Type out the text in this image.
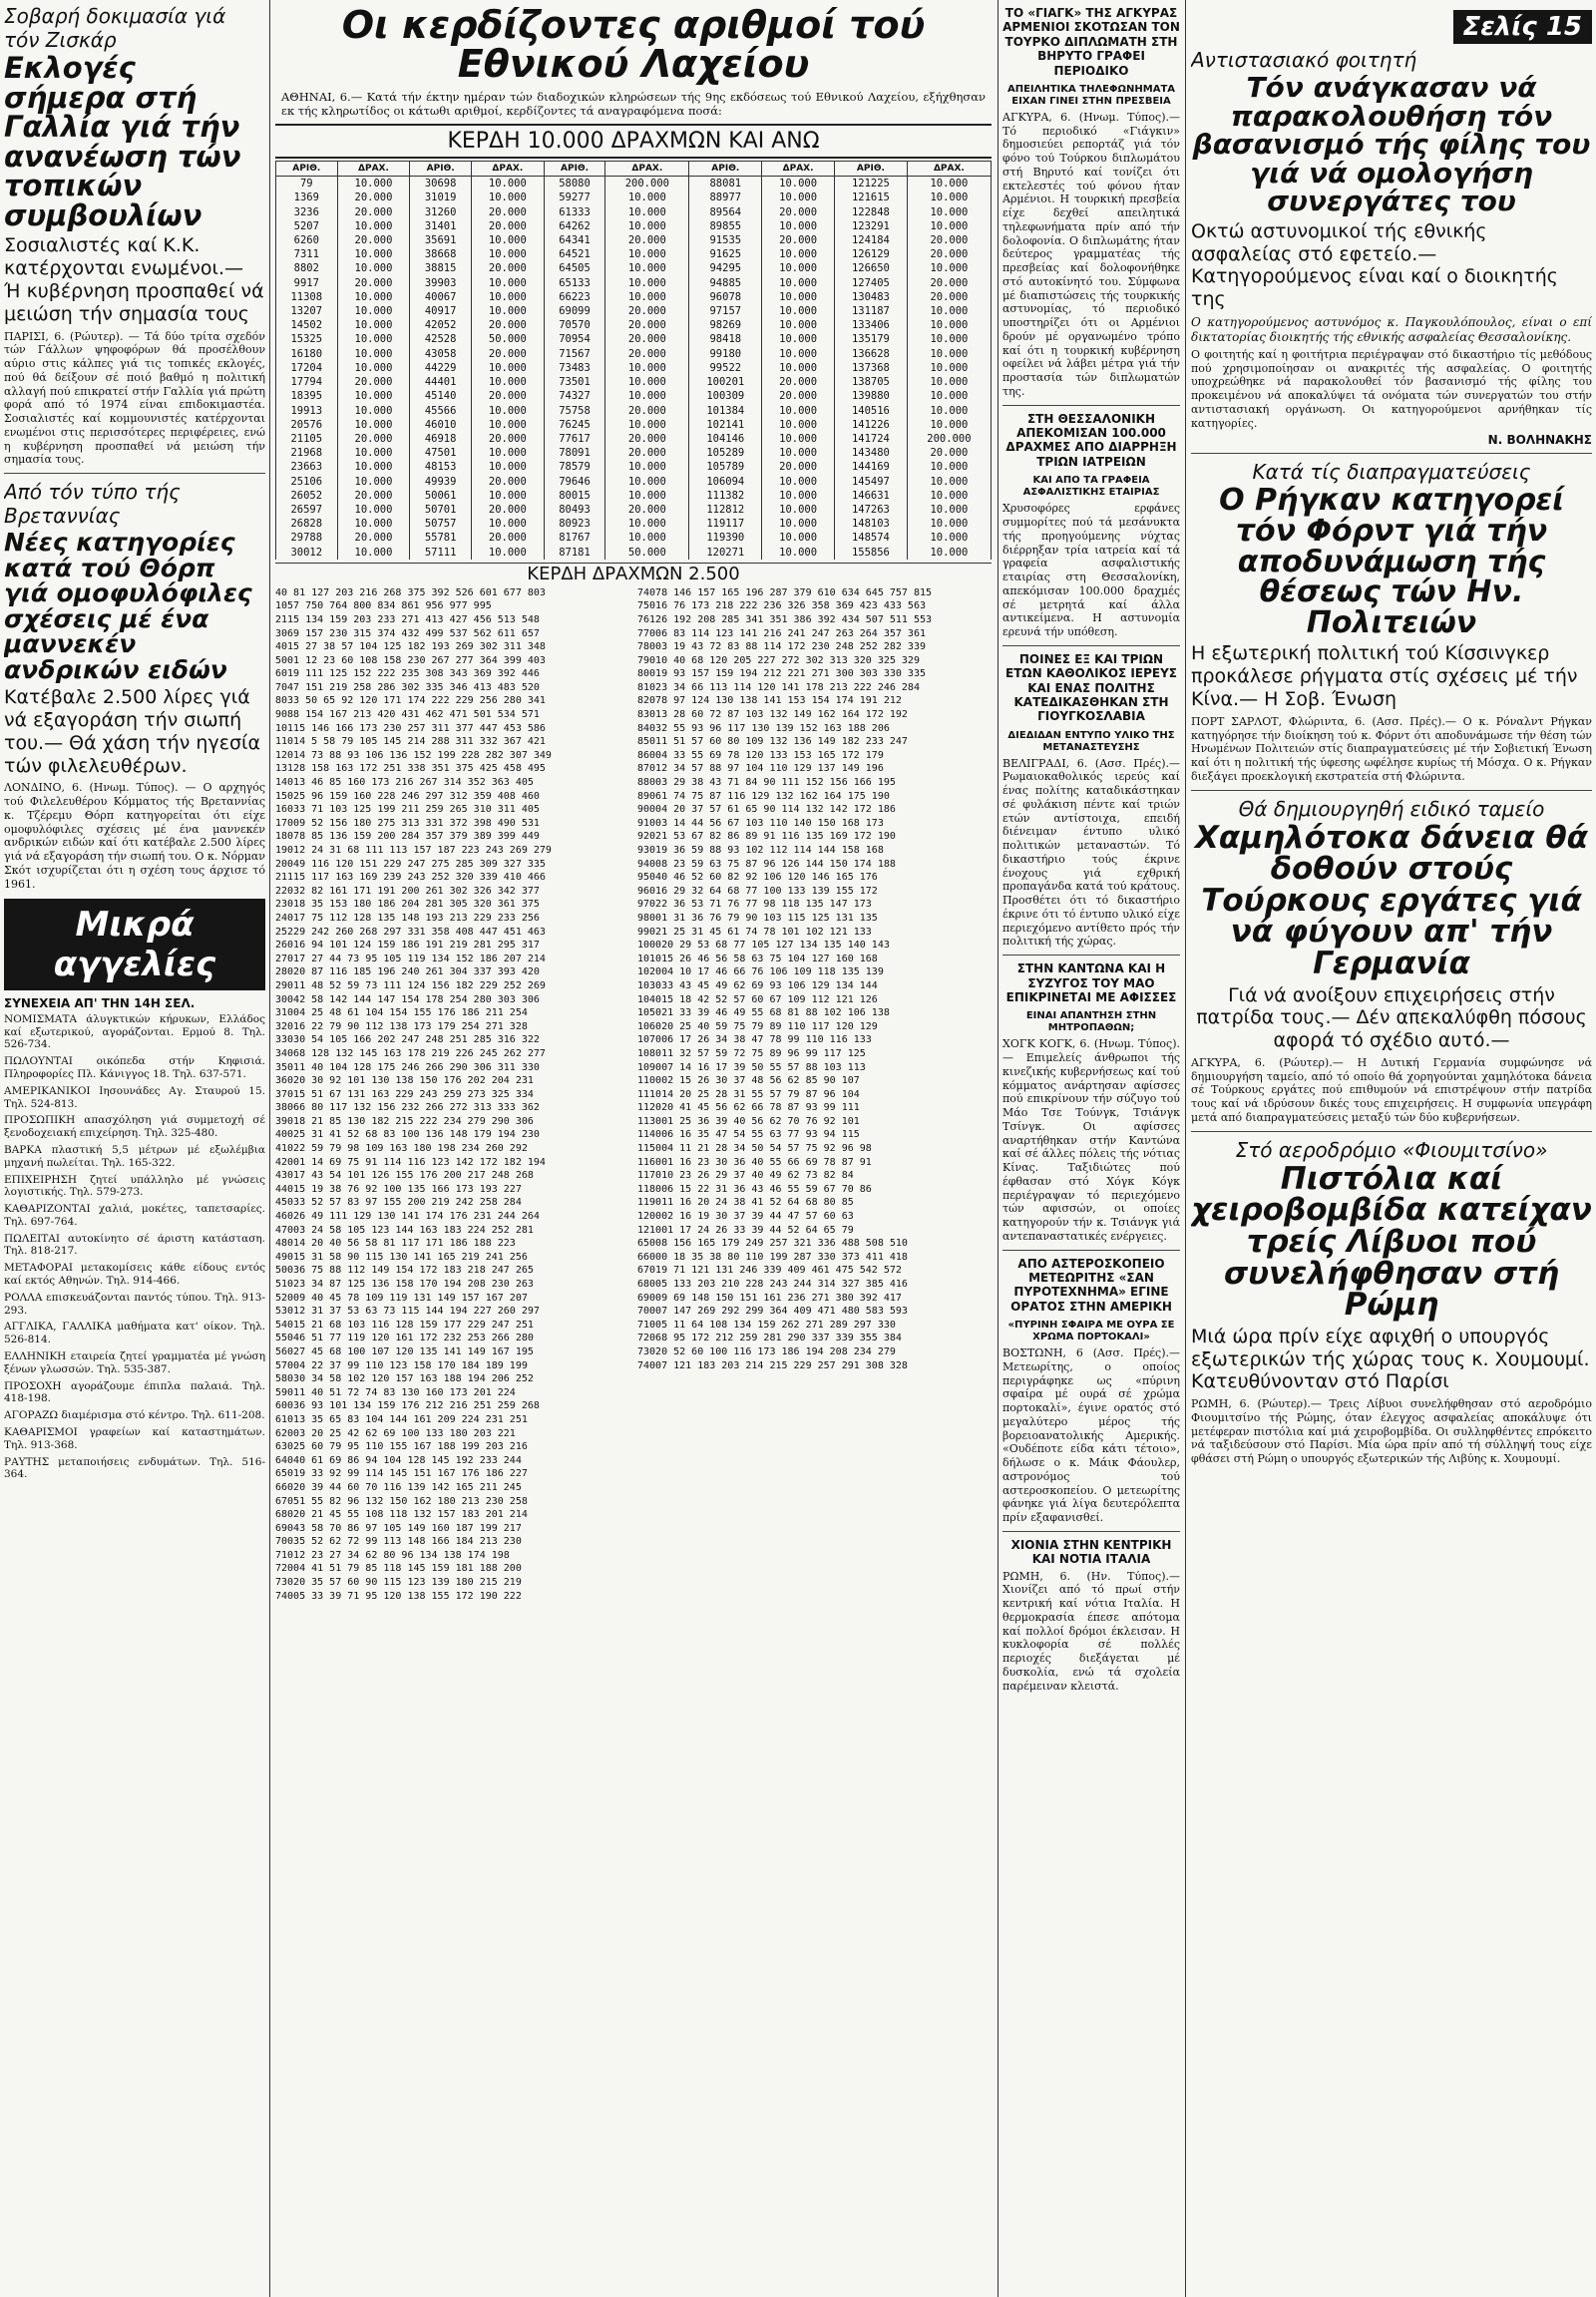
Σοβαρή δοκιμασία γιά τόν Ζισκάρ

Εκλογές σήμερα στή Γαλλία γιά τήν ανανέωση τών τοπικών συμβουλίων

Σοσιαλιστές καί Κ.Κ. κατέρχονται ενωμένοι.— Ή κυβέρνηση προσπαθεί νά μειώση τήν σημασία τους

ΠΑΡΙΣΙ, 6. (Ρώυτερ). — Τά δύο τρίτα σχεδόν τών Γάλλων ψηφοφόρων θά προσέλθουν αύριο στις κάλπες γιά τις τοπικές εκλογές, πού θά δείξουν σέ ποιό βαθμό η πολιτική αλλαγή πού επικρατεί στήν Γαλλία γιά πρώτη φορά από τό 1974 είναι επιδοκιμαστέα. Σοσιαλιστές καί κομμουνιστές κατέρχονται ενωμένοι στις περισσότερες περιφέρειες, ενώ η κυβέρνηση προσπαθεί νά μειώση τήν σημασία τους.

Από τόν τύπο τής Βρεταννίας

Νέες κατηγορίες κατά τού Θόρπ γιά ομοφυλόφιλες σχέσεις μέ ένα μαννεκέν ανδρικών ειδών

Κατέβαλε 2.500 λίρες γιά νά εξαγοράση τήν σιωπή του.— Θά χάση τήν ηγεσία τών φιλελευθέρων.

ΛΟΝΔΙΝΟ, 6. (Ηνωμ. Τύπος). — Ο αρχηγός τού Φιλελευθέρου Κόμματος τής Βρεταννίας κ. Τζέρεμυ Θόρπ κατηγορείται ότι είχε ομοφυλόφιλες σχέσεις μέ ένα μαννεκέν ανδρικών ειδών καί ότι κατέβαλε 2.500 λίρες γιά νά εξαγοράση τήν σιωπή του. Ο κ. Νόρμαν Σκότ ισχυρίζεται ότι η σχέση τους άρχισε τό 1961.

Μικρά αγγελίες

ΣΥΝΕΧΕΙΑ ΑΠ' ΤΗΝ 14Η ΣΕΛ.

ΝΟΜΙΣΜΑΤΑ άλυγκτικών κήρυκων, Ελλάδος καί εξωτερικού, αγοράζονται. Ερμού 8. Τηλ. 526-734.

ΠΩΛΟΥΝΤΑΙ οικόπεδα στήν Κηφισιά. Πληροφορίες Πλ. Κάνιγγος 18. Τηλ. 637-571.

ΑΜΕΡΙΚΑΝΙΚΟΙ Ιησουνάδες Αγ. Σταυρού 15. Τηλ. 524-813.

ΠΡΟΣΩΠΙΚΗ απασχόληση γιά συμμετοχή σέ ξενοδοχειακή επιχείρηση. Τηλ. 325-480.

ΒΑΡΚΑ πλαστική 5,5 μέτρων μέ εξωλέμβια μηχανή πωλείται. Τηλ. 165-322.

ΕΠΙΧΕΙΡΗΣΗ ζητεί υπάλληλο μέ γνώσεις λογιστικής. Τηλ. 579-273.

ΚΑΘΑΡΙΖΟΝΤΑΙ χαλιά, μοκέτες, ταπετσαρίες. Τηλ. 697-764.

ΠΩΛΕΙΤΑΙ αυτοκίνητο σέ άριστη κατάσταση. Τηλ. 818-217.

ΜΕΤΑΦΟΡΑΙ μετακομίσεις κάθε είδους εντός καί εκτός Αθηνών. Τηλ. 914-466.

ΡΟΛΛΑ επισκευάζονται παντός τύπου. Τηλ. 913-293.

ΑΓΓΛΙΚΑ, ΓΑΛΛΙΚΑ μαθήματα κατ' οίκον. Τηλ. 526-814.

ΕΛΛΗΝΙΚΗ εταιρεία ζητεί γραμματέα μέ γνώση ξένων γλωσσών. Τηλ. 535-387.

ΠΡΟΣΟΧΗ αγοράζουμε έπιπλα παλαιά. Τηλ. 418-198.

ΑΓΟΡΑΖΩ διαμέρισμα στό κέντρο. Τηλ. 611-208.

ΚΑΘΑΡΙΣΜΟΙ γραφείων καί καταστημάτων. Τηλ. 913-368.

ΡΑΥΤΗΣ μεταποιήσεις ενδυμάτων. Τηλ. 516-364.

Οι κερδίζοντες αριθμοί τού Εθνικού Λαχείου

ΑΘΗΝΑΙ, 6.— Κατά τήν έκτην ημέραν τών διαδοχικών κληρώσεων τής 9ης εκδόσεως τού Εθνικού Λαχείου, εξήχθησαν εκ τής κληρωτίδος οι κάτωθι αριθμοί, κερδίζοντες τά αναγραφόμενα ποσά:

ΚΕΡΔΗ 10.000 ΔΡΑΧΜΩΝ ΚΑΙ ΑΝΩ
ΑΡΙΘ.	ΔΡΑΧ.	ΑΡΙΘ.	ΔΡΑΧ.	ΑΡΙΘ.	ΔΡΑΧ.	ΑΡΙΘ.	ΔΡΑΧ.	ΑΡΙΘ.	ΔΡΑΧ.
79	10.000	30698	10.000	58080	200.000	88081	10.000	121225	10.000
1369	20.000	31019	10.000	59277	10.000	88977	10.000	121615	10.000
3236	20.000	31260	20.000	61333	10.000	89564	20.000	122848	10.000
5207	10.000	31401	20.000	64262	10.000	89855	10.000	123291	10.000
6260	20.000	35691	10.000	64341	20.000	91535	20.000	124184	20.000
7311	10.000	38668	10.000	64521	10.000	91625	10.000	126129	20.000
8802	10.000	38815	20.000	64505	10.000	94295	10.000	126650	10.000
9917	20.000	39903	10.000	65133	10.000	94885	10.000	127405	20.000
11308	10.000	40067	10.000	66223	10.000	96078	10.000	130483	20.000
13207	10.000	40917	10.000	69099	20.000	97157	10.000	131187	10.000
14502	10.000	42052	20.000	70570	20.000	98269	10.000	133406	10.000
15325	10.000	42528	50.000	70954	20.000	98418	10.000	135179	10.000
16180	10.000	43058	20.000	71567	20.000	99180	10.000	136628	10.000
17204	10.000	44229	10.000	73483	10.000	99522	10.000	137368	10.000
17794	20.000	44401	10.000	73501	10.000	100201	20.000	138705	10.000
18395	10.000	45140	20.000	74327	10.000	100309	20.000	139880	10.000
19913	10.000	45566	10.000	75758	20.000	101384	10.000	140516	10.000
20576	10.000	46010	10.000	76245	10.000	102141	10.000	141226	10.000
21105	20.000	46918	20.000	77617	20.000	104146	10.000	141724	200.000
21968	10.000	47501	10.000	78091	20.000	105289	10.000	143480	20.000
23663	10.000	48153	10.000	78579	10.000	105789	20.000	144169	10.000
25106	10.000	49939	20.000	79646	10.000	106094	10.000	145497	10.000
26052	20.000	50061	10.000	80015	10.000	111382	10.000	146631	10.000
26597	10.000	50701	20.000	80493	20.000	112812	10.000	147263	10.000
26828	10.000	50757	10.000	80923	10.000	119117	10.000	148103	10.000
29788	20.000	55781	20.000	81767	10.000	119390	10.000	148574	10.000
30012	10.000	57111	10.000	87181	50.000	120271	10.000	155856	10.000
ΚΕΡΔΗ ΔΡΑΧΜΩΝ 2.500
40 81 127 203 216 268 375 392 526 601 677 803
1057 750 764 800 834 861 956 977 995
2115 134 159 203 233 271 413 427 456 513 548
3069 157 230 315 374 432 499 537 562 611 657
4015 27 38 57 104 125 182 193 269 302 311 348
5001 12 23 60 108 158 230 267 277 364 399 403
6019 111 125 152 222 235 308 343 369 392 446
7047 151 219 258 286 302 335 346 413 483 520
8033 50 65 92 120 171 174 222 229 256 280 341
9088 154 167 213 420 431 462 471 501 534 571
10115 146 166 173 230 257 311 377 447 453 586
11014 5 58 79 105 145 214 288 311 332 367 421
12014 73 88 93 106 136 152 199 228 282 307 349
13128 158 163 172 251 338 351 375 425 458 495
14013 46 85 160 173 216 267 314 352 363 405
15025 96 159 160 228 246 297 312 359 408 460
16033 71 103 125 199 211 259 265 310 311 405
17009 52 156 180 275 313 331 372 398 490 531
18078 85 136 159 200 284 357 379 389 399 449
19012 24 31 68 111 113 157 187 223 243 269 279
20049 116 120 151 229 247 275 285 309 327 335
21115 117 163 169 239 243 252 320 339 410 466
22032 82 161 171 191 200 261 302 326 342 377
23018 35 153 180 186 204 281 305 320 361 375
24017 75 112 128 135 148 193 213 229 233 256
25229 242 260 268 297 331 358 408 447 451 463
26016 94 101 124 159 186 191 219 281 295 317
27017 27 44 73 95 105 119 134 152 186 207 214
28020 87 116 185 196 240 261 304 337 393 420
29011 48 52 59 73 111 124 156 182 229 252 269
30042 58 142 144 147 154 178 254 280 303 306
31004 25 48 61 104 154 155 176 186 211 254
32016 22 79 90 112 138 173 179 254 271 328
33030 54 105 166 202 247 248 251 285 316 322
34068 128 132 145 163 178 219 226 245 262 277
35011 40 104 128 175 246 266 290 306 311 330
36020 30 92 101 130 138 150 176 202 204 231
37015 51 67 131 163 229 243 259 273 325 334
38066 80 117 132 156 232 266 272 313 333 362
39018 21 85 130 182 215 222 234 279 290 306
40025 31 41 52 68 83 100 136 148 179 194 230
41022 59 79 98 109 163 180 198 234 260 292
42001 14 69 75 91 114 116 123 142 172 182 194
43017 43 54 101 126 155 176 200 217 248 268
44015 19 38 76 92 100 135 166 173 193 227
45033 52 57 83 97 155 200 219 242 258 284
46026 49 111 129 130 141 174 176 231 244 264
47003 24 58 105 123 144 163 183 224 252 281
48014 20 40 56 58 81 117 171 186 188 223
49015 31 58 90 115 130 141 165 219 241 256
50036 75 88 112 149 154 172 183 218 247 265
51023 34 87 125 136 158 170 194 208 230 263
52009 40 45 78 109 119 131 149 157 167 207
53012 31 37 53 63 73 115 144 194 227 260 297
54015 21 68 103 116 128 159 177 229 247 251
55046 51 77 119 120 161 172 232 253 266 280
56027 45 68 100 107 120 135 141 149 167 195
57004 22 37 99 110 123 158 170 184 189 199
58030 34 58 102 120 157 163 188 194 206 252
59011 40 51 72 74 83 130 160 173 201 224
60036 93 101 134 159 176 212 216 251 259 268
61013 35 65 83 104 144 161 209 224 231 251
62003 20 25 42 62 69 100 133 180 203 221
63025 60 79 95 110 155 167 188 199 203 216
64040 61 69 86 94 104 128 145 192 233 244
65019 33 92 99 114 145 151 167 176 186 227
66020 39 44 60 70 116 139 142 165 211 245
67051 55 82 96 132 150 162 180 213 230 258
68020 21 45 55 108 118 132 157 183 201 214
69043 58 70 86 97 105 149 160 187 199 217
70035 52 62 72 99 113 148 166 184 213 230
71012 23 27 34 62 80 96 134 138 174 198
72004 41 51 79 85 118 145 159 181 188 200
73020 35 57 60 90 115 123 139 180 215 219
74005 33 39 71 95 120 138 155 172 190 222
74078 146 157 165 196 287 379 610 634 645 757 815
75016 76 173 218 222 236 326 358 369 423 433 563
76126 192 208 285 341 351 386 392 434 507 511 553
77006 83 114 123 141 216 241 247 263 264 357 361
78003 19 43 72 83 88 114 172 230 248 252 282 339
79010 40 68 120 205 227 272 302 313 320 325 329
80019 93 157 159 194 212 221 271 300 303 330 335
81023 34 66 113 114 120 141 178 213 222 246 284
82078 97 124 130 138 141 153 154 174 191 212
83013 28 60 72 87 103 132 149 162 164 172 192
84032 55 93 96 117 130 139 152 163 188 206
85011 51 57 60 80 109 132 136 149 182 233 247
86004 33 55 69 78 120 133 153 165 172 179
87012 34 57 88 97 104 110 129 137 149 196
88003 29 38 43 71 84 90 111 152 156 166 195
89061 74 75 87 116 129 132 162 164 175 190
90004 20 37 57 61 65 90 114 132 142 172 186
91003 14 44 56 67 103 110 140 150 168 173
92021 53 67 82 86 89 91 116 135 169 172 190
93019 36 59 88 93 102 112 114 144 158 168
94008 23 59 63 75 87 96 126 144 150 174 188
95040 46 52 60 82 92 106 120 146 165 176
96016 29 32 64 68 77 100 133 139 155 172
97022 36 53 71 76 77 98 118 135 147 173
98001 31 36 76 79 90 103 115 125 131 135
99021 25 31 45 61 74 78 101 102 121 133
100020 29 53 68 77 105 127 134 135 140 143
101015 26 46 56 58 63 75 104 127 160 168
102004 10 17 46 66 76 106 109 118 135 139
103033 43 45 49 62 69 93 106 129 134 144
104015 18 42 52 57 60 67 109 112 121 126
105021 33 39 46 49 55 68 81 88 102 106 138
106020 25 40 59 75 79 89 110 117 120 129
107006 17 26 34 38 47 78 99 110 116 133
108011 32 57 59 72 75 89 96 99 117 125
109007 14 16 17 39 50 55 57 88 103 113
110002 15 26 30 37 48 56 62 85 90 107
111014 20 25 28 31 55 57 79 87 96 104
112020 41 45 56 62 66 78 87 93 99 111
113001 25 36 39 40 56 62 70 76 92 101
114006 16 35 47 54 55 63 77 93 94 115
115004 11 21 28 34 50 54 57 75 92 96 98
116001 16 23 30 36 40 55 66 69 78 87 91
117010 23 26 29 37 40 49 62 73 82 84
118006 15 22 31 36 43 46 55 59 67 70 86
119011 16 20 24 38 41 52 64 68 80 85
120002 16 19 30 37 39 44 47 57 60 63
121001 17 24 26 33 39 44 52 64 65 79
65008 156 165 179 249 257 321 336 488 508 510
66000 18 35 38 80 110 199 287 330 373 411 418
67019 71 121 131 246 339 409 461 475 542 572
68005 133 203 210 228 243 244 314 327 385 416
69009 69 148 150 151 161 236 271 380 392 417
70007 147 269 292 299 364 409 471 480 583 593
71005 11 64 108 134 159 262 271 289 297 330
72068 95 172 212 259 281 290 337 339 355 384
73020 52 60 100 116 173 186 194 208 234 279
74007 121 183 203 214 215 229 257 291 308 328

ΤΟ «ΓΙΑΓΚ» ΤΗΣ ΑΓΚΥΡΑΣ ΑΡΜΕΝΙΟΙ ΣΚΟΤΩΣΑΝ ΤΟΝ ΤΟΥΡΚΟ ΔΙΠΛΩΜΑΤΗ ΣΤΗ ΒΗΡΥΤΟ ΓΡΑΦΕΙ ΠΕΡΙΟΔΙΚΟ

ΑΠΕΙΛΗΤΙΚΑ ΤΗΛΕΦΩΝΗΜΑΤΑ ΕΙΧΑΝ ΓΙΝΕΙ ΣΤΗΝ ΠΡΕΣΒΕΙΑ

ΑΓΚΥΡΑ, 6. (Ηνωμ. Τύπος).— Τό περιοδικό «Γιάγκιν» δημοσιεύει ρεπορτάζ γιά τόν φόνο τού Τούρκου διπλωμάτου στή Βηρυτό καί τονίζει ότι εκτελεστές τού φόνου ήταν Αρμένιοι. Η τουρκική πρεσβεία είχε δεχθεί απειλητικά τηλεφωνήματα πρίν από τήν δολοφονία. Ο διπλωμάτης ήταν δεύτερος γραμματέας τής πρεσβείας καί δολοφονήθηκε στό αυτοκίνητό του. Σύμφωνα μέ διαπιστώσεις τής τουρκικής αστυνομίας, τό περιοδικό υποστηρίζει ότι οι Αρμένιοι δρούν μέ οργανωμένο τρόπο καί ότι η τουρκική κυβέρνηση οφείλει νά λάβει μέτρα γιά τήν προστασία τών διπλωματών της.

ΣΤΗ ΘΕΣΣΑΛΟΝΙΚΗ ΑΠΕΚΟΜΙΣΑΝ 100.000 ΔΡΑΧΜΕΣ ΑΠΟ ΔΙΑΡΡΗΞΗ ΤΡΙΩΝ ΙΑΤΡΕΙΩΝ

ΚΑΙ ΑΠΟ ΤΑ ΓΡΑΦΕΙΑ ΑΣΦΑΛΙΣΤΙΚΗΣ ΕΤΑΙΡΙΑΣ

Χρυσοφόρες ερφάνες συμμορίτες πού τά μεσάνυκτα τής προηγούμενης νύχτας διέρρηξαν τρία ιατρεία καί τά γραφεία ασφαλιστικής εταιρίας στη Θεσσαλονίκη, απεκόμισαν 100.000 δραχμές σέ μετρητά καί άλλα αντικείμενα. Η αστυνομία ερευνά τήν υπόθεση.

ΠΟΙΝΕΣ ΕΞ ΚΑΙ ΤΡΙΩΝ ΕΤΩΝ ΚΑΘΟΛΙΚΟΣ ΙΕΡΕΥΣ ΚΑΙ ΕΝΑΣ ΠΟΛΙΤΗΣ ΚΑΤΕΔΙΚΑΣΘΗΚΑΝ ΣΤΗ ΓΙΟΥΓΚΟΣΛΑΒΙΑ

ΔΙΕΔΙΔΑΝ ΕΝΤΥΠΟ ΥΛΙΚΟ ΤΗΣ ΜΕΤΑΝΑΣΤΕΥΣΗΣ

ΒΕΛΙΓΡΑΔΙ, 6. (Ασσ. Πρές).— Ρωμαιοκαθολικός ιερεύς καί ένας πολίτης καταδικάστηκαν σέ φυλάκιση πέντε καί τριών ετών αντίστοιχα, επειδή διένειμαν έντυπο υλικό πολιτικών μεταναστών. Τό δικαστήριο τούς έκρινε ένοχους γιά εχθρική προπαγάνδα κατά τού κράτους. Προσθέτει ότι τό δικαστήριο έκρινε ότι τό έντυπο υλικό είχε περιεχόμενο αντίθετο πρός τήν πολιτική τής χώρας.

ΣΤΗΝ ΚΑΝΤΩΝΑ ΚΑΙ Η ΣΥΖΥΓΟΣ ΤΟΥ ΜΑΟ ΕΠΙΚΡΙΝΕΤΑΙ ΜΕ ΑΦΙΣΣΕΣ

ΕΙΝΑΙ ΑΠΑΝΤΗΣΗ ΣΤΗΝ ΜΗΤΡΟΠΑΘΩΝ;

ΧΟΓΚ ΚΟΓΚ, 6. (Ηνωμ. Τύπος).— Επιμελείς άνθρωποι τής κινεζικής κυβερνήσεως καί τού κόμματος ανάρτησαν αφίσσες πού επικρίνουν τήν σύζυγο τού Μάο Τσε Τούνγκ, Τσιάνγκ Τσίνγκ. Οι αφίσσες αναρτήθηκαν στήν Καντώνα καί σέ άλλες πόλεις τής νότιας Κίνας. Ταξιδιώτες πού έφθασαν στό Χόγκ Κόγκ περιέγραψαν τό περιεχόμενο τών αφισσών, οι οποίες κατηγορούν τήν κ. Τσιάνγκ γιά αντεπαναστατικές ενέργειες.

ΑΠΟ ΑΣΤΕΡΟΣΚΟΠΕΙΟ ΜΕΤΕΩΡΙΤΗΣ «ΣΑΝ ΠΥΡΟΤΕΧΝΗΜΑ» ΕΓΙΝΕ ΟΡΑΤΟΣ ΣΤΗΝ ΑΜΕΡΙΚΗ

«ΠΥΡΙΝΗ ΣΦΑΙΡΑ ΜΕ ΟΥΡΑ ΣΕ ΧΡΩΜΑ ΠΟΡΤΟΚΑΛΙ»

ΒΟΣΤΩΝΗ, 6 (Ασσ. Πρές).— Μετεωρίτης, ο οποίος περιγράφηκε ως «πύρινη σφαίρα μέ ουρά σέ χρώμα πορτοκαλί», έγινε ορατός στό μεγαλύτερο μέρος τής βορειοανατολικής Αμερικής. «Ουδέποτε είδα κάτι τέτοιο», δήλωσε ο κ. Μάικ Φάουλερ, αστρονόμος τού αστεροσκοπείου. Ο μετεωρίτης φάνηκε γιά λίγα δευτερόλεπτα πρίν εξαφανισθεί.

ΧΙΟΝΙΑ ΣΤΗΝ ΚΕΝΤΡΙΚΗ ΚΑΙ ΝΟΤΙΑ ΙΤΑΛΙΑ

ΡΩΜΗ, 6. (Ην. Τύπος).— Χιονίζει από τό πρωί στήν κεντρική καί νότια Ιταλία. Η θερμοκρασία έπεσε απότομα καί πολλοί δρόμοι έκλεισαν. Η κυκλοφορία σέ πολλές περιοχές διεξάγεται μέ δυσκολία, ενώ τά σχολεία παρέμειναν κλειστά.

Σελίς 15

Αντιστασιακό φοιτητή

Τόν ανάγκασαν νά παρακολουθήση τόν βασανισμό τής φίλης του γιά νά ομολογήση συνεργάτες του

Οκτώ αστυνομικοί τής εθνικής ασφαλείας στό εφετείο.— Κατηγορούμενος είναι καί ο διοικητής της

Ο κατηγορούμενος αστυνόμος κ. Παγκουλόπουλος, είναι ο επί δικτατορίας διοικητής τής εθνικής ασφαλείας Θεσσαλονίκης.

Ο φοιτητής καί η φοιτήτρια περιέγραψαν στό δικαστήριο τίς μεθόδους πού χρησιμοποίησαν οι ανακριτές τής ασφαλείας. Ο φοιτητής υποχρεώθηκε νά παρακολουθεί τόν βασανισμό τής φίλης του προκειμένου νά αποκαλύψει τά ονόματα τών συνεργατών του στήν αντιστασιακή οργάνωση. Οι κατηγορούμενοι αρνήθηκαν τίς κατηγορίες.

Ν. ΒΟΛΗΝΑΚΗΣ

Κατά τίς διαπραγματεύσεις

Ο Ρήγκαν κατηγορεί τόν Φόρντ γιά τήν αποδυνάμωση τής θέσεως τών Ην. Πολιτειών

Η εξωτερική πολιτική τού Κίσσινγκερ προκάλεσε ρήγματα στίς σχέσεις μέ τήν Κίνα.— Η Σοβ. Ένωση

ΠΟΡΤ ΣΑΡΛΟΤ, Φλώριντα, 6. (Ασσ. Πρές).— Ο κ. Ρόναλντ Ρήγκαν κατηγόρησε τήν διοίκηση τού κ. Φόρντ ότι αποδυνάμωσε τήν θέση τών Ηνωμένων Πολιτειών στίς διαπραγματεύσεις μέ τήν Σοβιετική Ένωση καί ότι η πολιτική τής ύφεσης ωφέλησε κυρίως τή Μόσχα. Ο κ. Ρήγκαν διεξάγει προεκλογική εκστρατεία στή Φλώριντα.

Θά δημιουργηθή ειδικό ταμείο

Χαμηλότοκα δάνεια θά δοθούν στούς Τούρκους εργάτες γιά νά φύγουν απ' τήν Γερμανία

Γιά νά ανοίξουν επιχειρήσεις στήν πατρίδα τους.— Δέν απεκαλύφθη πόσους αφορά τό σχέδιο αυτό.—

ΑΓΚΥΡΑ, 6. (Ρώυτερ).— Η Δυτική Γερμανία συμφώνησε νά δημιουργήση ταμείο, από τό οποίο θά χορηγούνται χαμηλότοκα δάνεια σέ Τούρκους εργάτες πού επιθυμούν νά επιστρέψουν στήν πατρίδα τους καί νά ιδρύσουν δικές τους επιχειρήσεις. Η συμφωνία υπεγράφη μετά από διαπραγματεύσεις μεταξύ τών δύο κυβερνήσεων.

Στό αεροδρόμιο «Φιουμιτσίνο»

Πιστόλια καί χειροβομβίδα κατείχαν τρείς Λίβυοι πού συνελήφθησαν στή Ρώμη

Μιά ώρα πρίν είχε αφιχθή ο υπουργός εξωτερικών τής χώρας τους κ. Χουμουμί. Κατευθύνονταν στό Παρίσι

ΡΩΜΗ, 6. (Ρώυτερ).— Τρεις Λίβυοι συνελήφθησαν στό αεροδρόμιο Φιουμιτσίνο τής Ρώμης, όταν έλεγχος ασφαλείας αποκάλυψε ότι μετέφεραν πιστόλια καί μιά χειροβομβίδα. Οι συλληφθέντες επρόκειτο νά ταξιδεύσουν στό Παρίσι. Μία ώρα πρίν από τή σύλληψή τους είχε φθάσει στή Ρώμη ο υπουργός εξωτερικών τής Λιβύης κ. Χουμουμί.
